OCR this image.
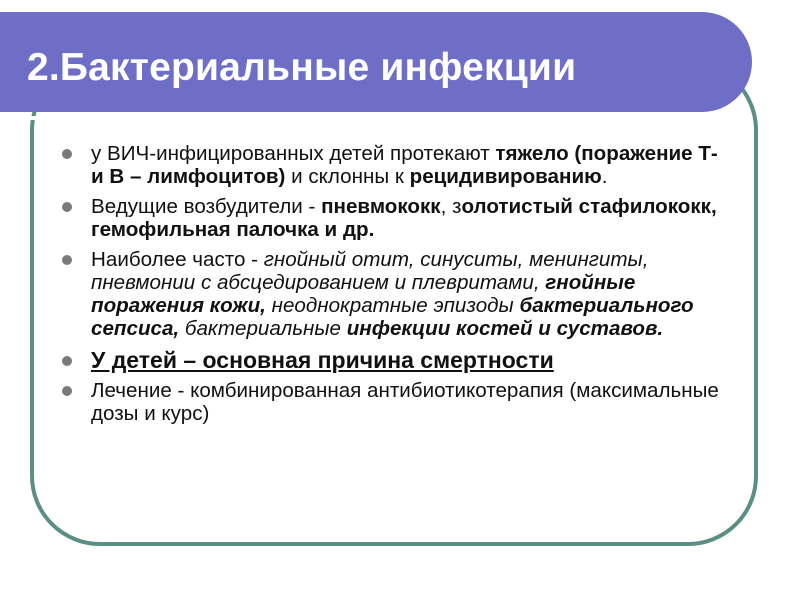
2.Бактериальные инфекции
у ВИЧ-инфицированных детей протекают тяжело (поражение Т- и В – лимфоцитов) и склонны к рецидивированию.
Ведущие возбудители - пневмококк, золотистый стафилококк, гемофильная палочка и др.
Наиболее часто - гнойный отит, синуситы, менингиты, пневмонии с абсцедированием и плевритами, гнойные поражения кожи, неоднократные эпизоды бактериального сепсиса, бактериальные инфекции костей и суставов.
У детей – основная причина смертности
Лечение - комбинированная антибиотикотерапия (максимальные дозы и курс)
